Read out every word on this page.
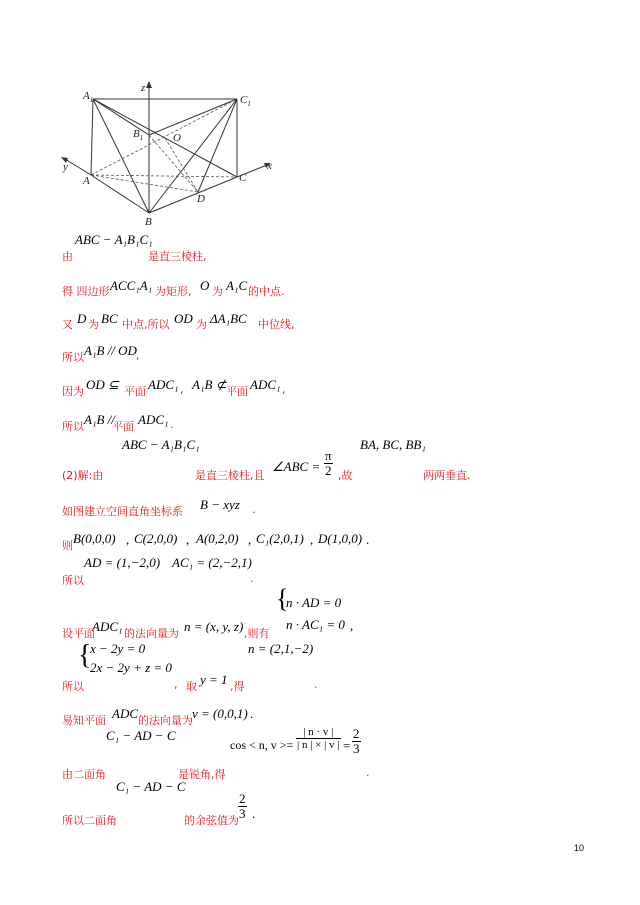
$A_1$	$C_1$
$B_1$
z
O
y
A
D
C
x
B
ABC − A₁B₁C₁
由	是直三棱柱,
得 四边形 ACC₁A₁ 为矩形, O 为 A₁C 的中点.
又 D 为 BC 中点,所以 OD 为 ΔA₁BC 中位线,
所以 A₁B // OD ,
因为 OD ⊆ 平面 ADC₁ , A₁B ⊄ 平面 ADC₁ ,
所以 A₁B //
平面 ADC₁ .
ABC − A₁B₁C₁	BA, BC, BB₁
(2)解:由	是直三棱柱,且
∠ABC = $\frac{\pi}{2}$ ,故	两两垂直.
如图建立空间直角坐标系 B − xyz .
则 B(0,0,0) , C(2,0,0) , A(0,2,0) , C₁(2,0,1) , D(1,0,0) .
AD = (1,−2,0) AC₁ = (2,−2,1)
所以	.
{
n · AD = 0
n · AC₁ = 0
设平面
ADC₁ 的法向量为 n = (x, y, z) ,则有
,
{
x − 2y = 0
2x − 2y + z = 0
n = (2,1,−2)
所以	, 取 y = 1 ,得	.
易知平面 ADC 的法向量为 v = (0,0,1) .
C₁ − AD − C
cos < n, $v >= \frac{| n \cdot v |}{| n | \times | v |} = \frac{2}{3}$
由二面角	是锐角,得	.
C₁ − AD − C
所以二面角	的余弦值为 $\frac{2}{3}$ .
10
